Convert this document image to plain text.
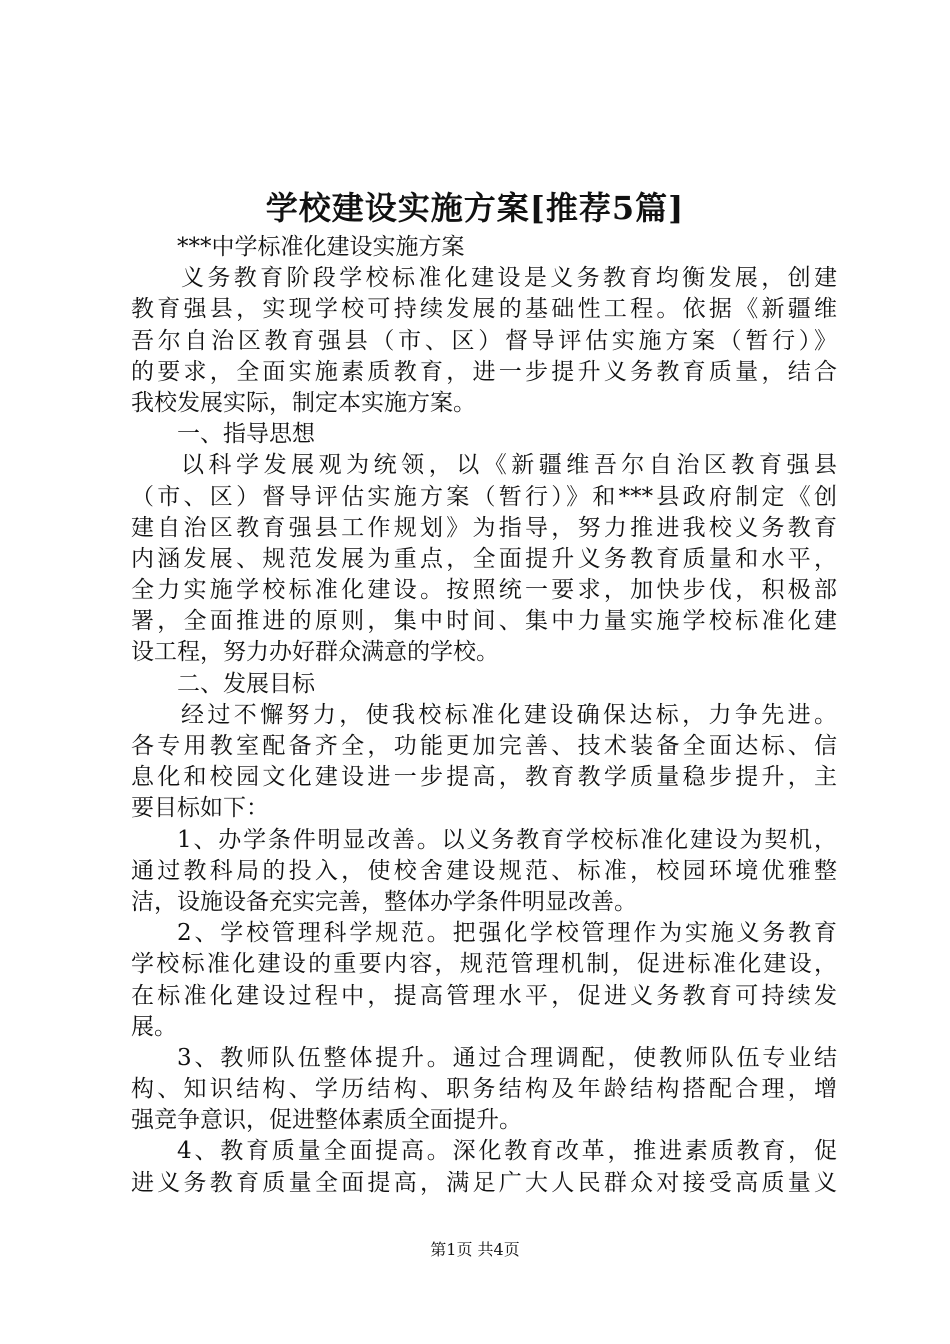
学校建设实施方案[推荐5篇]
***中学标准化建设实施方案
义务教育阶段学校标准化建设是义务教育均衡发展，创建
教育强县，实现学校可持续发展的基础性工程。依据《新疆维
吾尔自治区教育强县（市、区）督导评估实施方案（暂行）》
的要求，全面实施素质教育，进一步提升义务教育质量，结合
我校发展实际，制定本实施方案。
一、指导思想
以科学发展观为统领，以《新疆维吾尔自治区教育强县
（市、区）督导评估实施方案（暂行）》和***县政府制定《创
建自治区教育强县工作规划》为指导，努力推进我校义务教育
内涵发展、规范发展为重点，全面提升义务教育质量和水平，
全力实施学校标准化建设。按照统一要求，加快步伐，积极部
署，全面推进的原则，集中时间、集中力量实施学校标准化建
设工程，努力办好群众满意的学校。
二、发展目标
经过不懈努力，使我校标准化建设确保达标，力争先进。
各专用教室配备齐全，功能更加完善、技术装备全面达标、信
息化和校园文化建设进一步提高，教育教学质量稳步提升，主
要目标如下：
1、办学条件明显改善。以义务教育学校标准化建设为契机，
通过教科局的投入，使校舍建设规范、标准，校园环境优雅整
洁，设施设备充实完善，整体办学条件明显改善。
2、学校管理科学规范。把强化学校管理作为实施义务教育
学校标准化建设的重要内容，规范管理机制，促进标准化建设，
在标准化建设过程中，提高管理水平，促进义务教育可持续发
展。
3、教师队伍整体提升。通过合理调配，使教师队伍专业结
构、知识结构、学历结构、职务结构及年龄结构搭配合理，增
强竞争意识，促进整体素质全面提升。
4、教育质量全面提高。深化教育改革，推进素质教育，促
进义务教育质量全面提高，满足广大人民群众对接受高质量义
第1页 共4页
